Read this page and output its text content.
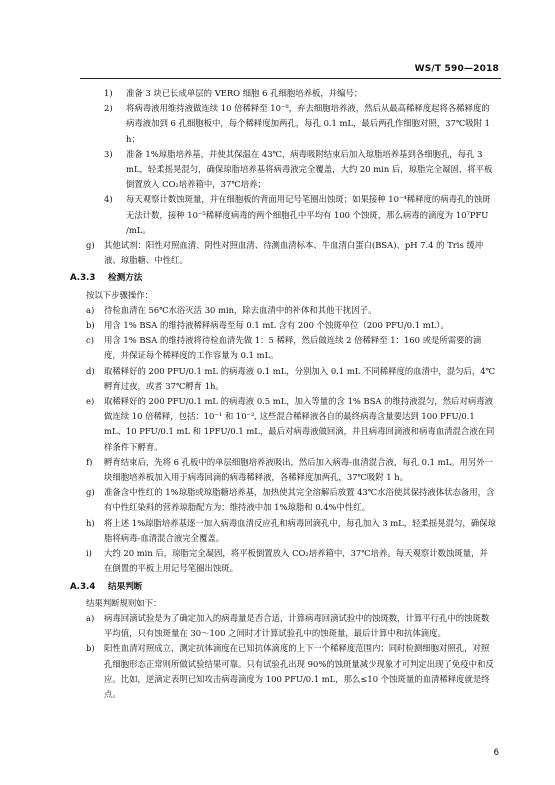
WS/T 590—2018
1) 准备 3 块已长成单层的 VERO 细胞 6 孔细胞培养板，并编号；

2) 将病毒液用维持液做连续 10 倍稀释至 10⁻⁸，弃去细胞培养液，然后从最高稀释度起将各稀释度的病毒液加到 6 孔细胞板中，每个稀释度加两孔，每孔 0.1 mL，最后两孔作细胞对照，37℃吸附 1 h；

3) 准备 1%琼脂培养基，并使其保温在 43℃，病毒吸附结束后加入琼脂培养基到各细胞孔，每孔 3 mL，轻柔摇晃混匀，确保琼脂培养基将病毒液完全覆盖，大约 20 min 后，琼脂完全凝固，将平板倒置放入 CO₂培养箱中，37℃培养；

4) 每天观察计数蚀斑量，并在细胞板的背面用记号笔圈出蚀斑；如果接种 10⁻⁴稀释度的病毒孔的蚀斑无法计数，接种 10⁻⁵稀释度病毒的两个细胞孔中平均有 100 个蚀斑，那么病毒的滴度为 10⁷PFU /mL。

g) 其他试剂：阳性对照血清、阴性对照血清、待测血清标本、牛血清白蛋白(BSA)、pH 7.4 的 Tris 缓冲液、琼脂糖、中性红。

A.3.3 检测方法

按以下步骤操作：

a) 待检血清在 56℃水浴灭活 30 min，除去血清中的补体和其他干扰因子。

b) 用含 1% BSA 的维持液稀释病毒至每 0.1 mL 含有 200 个蚀斑单位（200 PFU/0.1 mL）。

c) 用含 1% BSA 的维持液将待检血清先做 1：5 稀释，然后做连续 2 倍稀释至 1：160 或是所需要的滴度，并保证每个稀释度的工作容量为 0.1 mL。

d) 取稀释好的 200 PFU/0.1 mL 的病毒液 0.1 mL，分别加入 0.1 mL 不同稀释度的血清中，混匀后，4℃孵育过夜，或者 37℃孵育 1h。

e) 取稀释好的 200 PFU/0.1 mL 的病毒液 0.5 mL，加入等量的含 1% BSA 的维持液混匀，然后对病毒液做连续 10 倍稀释，包括：10⁻¹ 和 10⁻², 这些混合稀释液各自的最终病毒含量要达到 100 PFU/0.1 mL、10 PFU/0.1 mL 和 1PFU/0.1 mL，最后对病毒液做回滴，并且病毒回滴液和病毒血清混合液在同样条件下孵育。

f) 孵育结束后，先将 6 孔板中的单层细胞培养液吸出，然后加入病毒-血清混合液，每孔 0.1 mL。用另外一块细胞培养板加入用于病毒回滴的病毒稀释液，各稀释度加两孔，37℃吸附 1 h。

g) 准备含中性红的 1%琼脂或琼脂糖培养基，加热使其完全溶解后放置 43℃水浴使其保持液体状态备用，含有中性红染料的营养琼脂配方为：维持液中加 1%琼脂和 0.4%中性红。

h) 将上述 1%琼脂培养基逐一加入病毒血清反应孔和病毒回滴孔中，每孔加入 3 mL，轻柔摇晃混匀，确保琼脂将病毒-血清混合液完全覆盖。

i) 大约 20 min 后，琼脂完全凝固，将平板倒置放入 CO₂培养箱中，37℃培养。每天观察计数蚀斑量，并在倒置的平板上用记号笔圈出蚀斑。

A.3.4 结果判断

结果判断规则如下：

a) 病毒回滴试验是为了确定加入的病毒量是否合适，计算病毒回滴试验中的蚀斑数，计算平行孔中的蚀斑数平均值，只有蚀斑量在 30～100 之间时才计算试验孔中的蚀斑量，最后计算中和抗体滴度。

b) 阳性血清对照成立，测定抗体滴度在已知抗体滴度的上下一个稀释度范围内；同时检测细胞对照孔，对照孔细胞形态正常则所做试验结果可靠。只有试验孔出现 90%的蚀斑量减少现象才可判定出现了免疫中和反应。比如，逆滴定表明已知攻击病毒滴度为 100 PFU/0.1 mL，那么≤10 个蚀斑量的血清稀释度就是终点。

6
